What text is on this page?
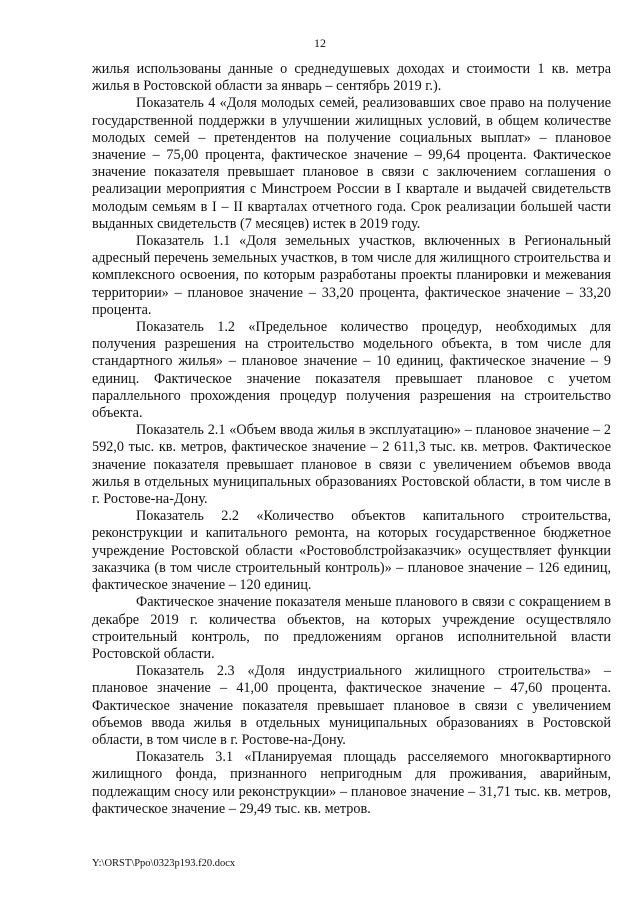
12

жилья использованы данные о среднедушевых доходах и стоимости 1 кв. метра жилья в Ростовской области за январь – сентябрь 2019 г.).

Показатель 4 «Доля молодых семей, реализовавших свое право на получение государственной поддержки в улучшении жилищных условий, в общем количестве молодых семей – претендентов на получение социальных выплат» – плановое значение – 75,00 процента, фактическое значение – 99,64 процента. Фактическое значение показателя превышает плановое в связи с заключением соглашения о реализации мероприятия с Минстроем России в I квартале и выдачей свидетельств молодым семьям в I – II кварталах отчетного года. Срок реализации большей части выданных свидетельств (7 месяцев) истек в 2019 году.

Показатель 1.1 «Доля земельных участков, включенных в Региональный адресный перечень земельных участков, в том числе для жилищного строительства и комплексного освоения, по которым разработаны проекты планировки и межевания территории» – плановое значение – 33,20 процента, фактическое значение – 33,20 процента.

Показатель 1.2 «Предельное количество процедур, необходимых для получения разрешения на строительство модельного объекта, в том числе для стандартного жилья» – плановое значение – 10 единиц, фактическое значение – 9 единиц. Фактическое значение показателя превышает плановое с учетом параллельного прохождения процедур получения разрешения на строительство объекта.

Показатель 2.1 «Объем ввода жилья в эксплуатацию» – плановое значение – 2 592,0 тыс. кв. метров, фактическое значение – 2 611,3 тыс. кв. метров. Фактическое значение показателя превышает плановое в связи с увеличением объемов ввода жилья в отдельных муниципальных образованиях Ростовской области, в том числе в г. Ростове-на-Дону.

Показатель 2.2 «Количество объектов капитального строительства, реконструкции и капитального ремонта, на которых государственное бюджетное учреждение Ростовской области «Ростовоблстройзаказчик» осуществляет функции заказчика (в том числе строительный контроль)» – плановое значение – 126 единиц, фактическое значение – 120 единиц.

Фактическое значение показателя меньше планового в связи с сокращением в декабре 2019 г. количества объектов, на которых учреждение осуществляло строительный контроль, по предложениям органов исполнительной власти Ростовской области.

Показатель 2.3 «Доля индустриального жилищного строительства» – плановое значение – 41,00 процента, фактическое значение – 47,60 процента. Фактическое значение показателя превышает плановое в связи с увеличением объемов ввода жилья в отдельных муниципальных образованиях в Ростовской области, в том числе в г. Ростове-на-Дону.

Показатель 3.1 «Планируемая площадь расселяемого многоквартирного жилищного фонда, признанного непригодным для проживания, аварийным, подлежащим сносу или реконструкции» – плановое значение – 31,71 тыс. кв. метров, фактическое значение – 29,49 тыс. кв. метров.

Y:\ORST\Ppo\0323p193.f20.docx
